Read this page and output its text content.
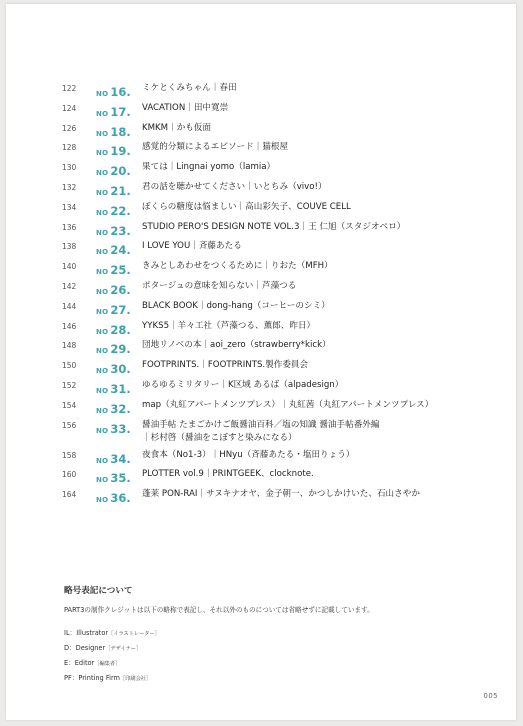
122
NO 16. ミケとくみちゃん｜春田
124
NO 17. VACATION｜田中寛崇
126
NO 18. KMKM｜かも仮面
128
NO 19. 感覚的分類によるエピソード｜猫根屋
130
NO 20. 果ては｜Lingnai yomo（lamia）
132
NO 21. 君の話を聴かせてください｜いとちみ（vivo!）
134
NO 22. ぼくらの糖度は悩ましい｜高山彩矢子、COUVE CELL
136
NO 23. STUDIO PERO'S DESIGN NOTE VOL.3｜王 仁旭（スタジオペロ）
138
NO 24. I LOVE YOU｜斉藤あたる
140
NO 25. きみとしあわせをつくるために｜りおた（MFH）
142
NO 26. ポタージュの意味を知らない｜芦藻つる
144
NO 27. BLACK BOOK｜dong-hang（コーヒーのシミ）
146
NO 28. YYKS5｜羊々工社（芦藻つる、薫郎、昨日）
148
NO 29. 団地リノベの本｜aoi_zero（strawberry*kick）
150
NO 30. FOOTPRINTS.｜FOOTPRINTS.製作委員会
152
NO 31. ゆるゆるミリタリー｜K区域 あるば（alpadesign）
154
NO 32. map（丸紅アパートメンツプレス）｜丸紅茜（丸紅アパートメンツプレス）
156
NO 33. 醤油手帖 たまごかけご飯醤油百科／塩の知識 醤油手帖番外編
｜杉村啓（醤油をこぼすと染みになる）
158
NO 34. 夜食本（No1-3）｜HNyu（斉藤あたる・塩田りょう）
160
NO 35. PLOTTER vol.9｜PRINTGEEK、clocknote.
164
NO 36. 蓬莱 PON-RAI｜サヌキナオヤ、金子朝一、かつしかけいた、石山さやか
略号表記について
PART3の制作クレジットは以下の略称で表記し、それ以外のものについては省略せずに記載しています。
IL：Illustrator［イラストレーター］
D：Designer［デザイナー］
E：Editor［編集者］
PF：Printing Firm［印刷会社］
005
